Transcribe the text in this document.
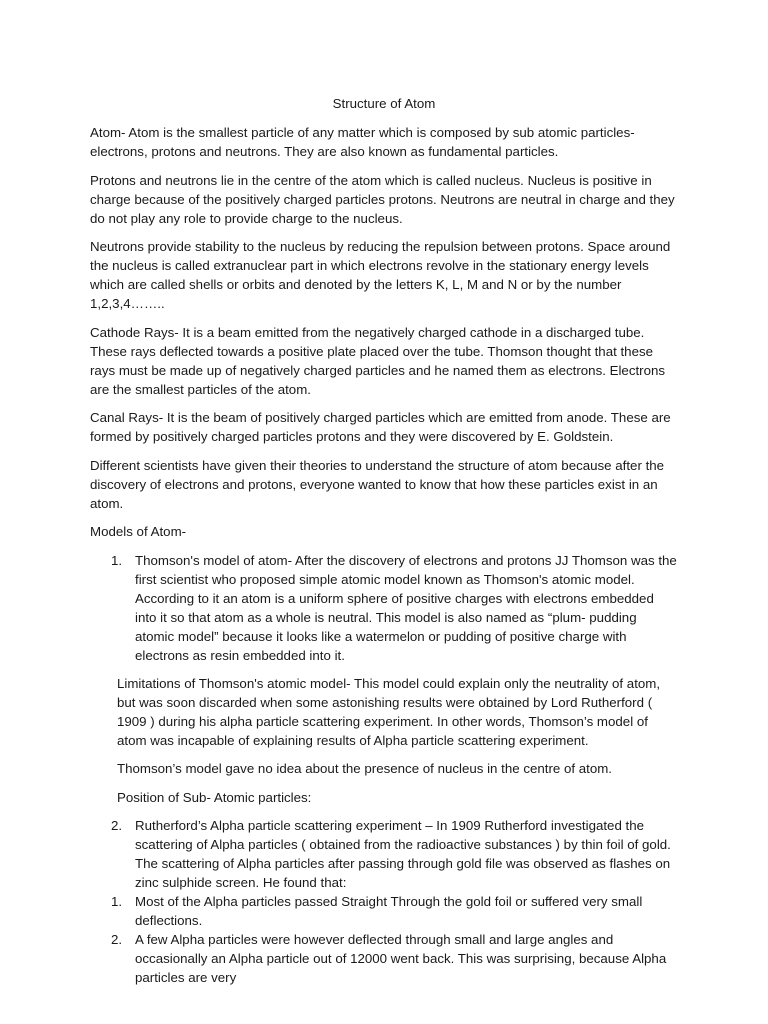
Structure of Atom

Atom- Atom is the smallest particle of any matter which is composed by sub atomic particles- electrons, protons and neutrons. They are also known as fundamental particles.

Protons and neutrons lie in the centre of the atom which is called nucleus. Nucleus is positive in charge because of the positively charged particles protons. Neutrons are neutral in charge and they do not play any role to provide charge to the nucleus.

Neutrons provide stability to the nucleus by reducing the repulsion between protons. Space around the nucleus is called extranuclear part in which electrons revolve in the stationary energy levels which are called shells or orbits and denoted by the letters K, L, M and N or by the number 1,2,3,4……..

Cathode Rays- It is a beam emitted from the negatively charged cathode in a discharged tube. These rays deflected towards a positive plate placed over the tube. Thomson thought that these rays must be made up of negatively charged particles and he named them as electrons. Electrons are the smallest particles of the atom.

Canal Rays- It is the beam of positively charged particles which are emitted from anode. These are formed by positively charged particles protons and they were discovered by E. Goldstein.

Different scientists have given their theories to understand the structure of atom because after the discovery of electrons and protons, everyone wanted to know that how these particles exist in an atom.

Models of Atom-

1. Thomson's model of atom- After the discovery of electrons and protons JJ Thomson was the first scientist who proposed simple atomic model known as Thomson's atomic model. According to it an atom is a uniform sphere of positive charges with electrons embedded into it so that atom as a whole is neutral. This model is also named as “plum- pudding atomic model” because it looks like a watermelon or pudding of positive charge with electrons as resin embedded into it.

Limitations of Thomson's atomic model- This model could explain only the neutrality of atom, but was soon discarded when some astonishing results were obtained by Lord Rutherford ( 1909 ) during his alpha particle scattering experiment. In other words, Thomson’s model of atom was incapable of explaining results of Alpha particle scattering experiment.

Thomson’s model gave no idea about the presence of nucleus in the centre of atom.

Position of Sub- Atomic particles:

2. Rutherford’s Alpha particle scattering experiment – In 1909 Rutherford investigated the scattering of Alpha particles ( obtained from the radioactive substances ) by thin foil of gold. The scattering of Alpha particles after passing through gold file was observed as flashes on zinc sulphide screen. He found that:
1. Most of the Alpha particles passed Straight Through the gold foil or suffered very small deflections.
2. A few Alpha particles were however deflected through small and large angles and occasionally an Alpha particle out of 12000 went back. This was surprising, because Alpha particles are very
